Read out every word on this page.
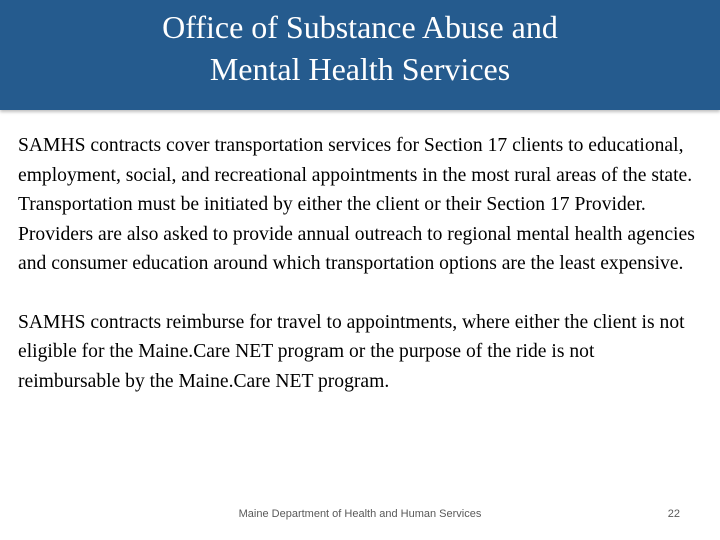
Office of Substance Abuse and
Mental Health Services

SAMHS contracts cover transportation services for Section 17 clients to educational, employment, social, and recreational appointments in the most rural areas of the state. Transportation must be initiated by either the client or their Section 17 Provider.  Providers are also asked to provide annual outreach to regional mental health agencies and consumer education around which transportation options are the least expensive.

SAMHS contracts reimburse for travel to appointments, where either the client is not eligible for the Maine.Care NET program or the purpose of the ride is not reimbursable by the Maine.Care NET program.

Maine Department of Health and Human Services	22
